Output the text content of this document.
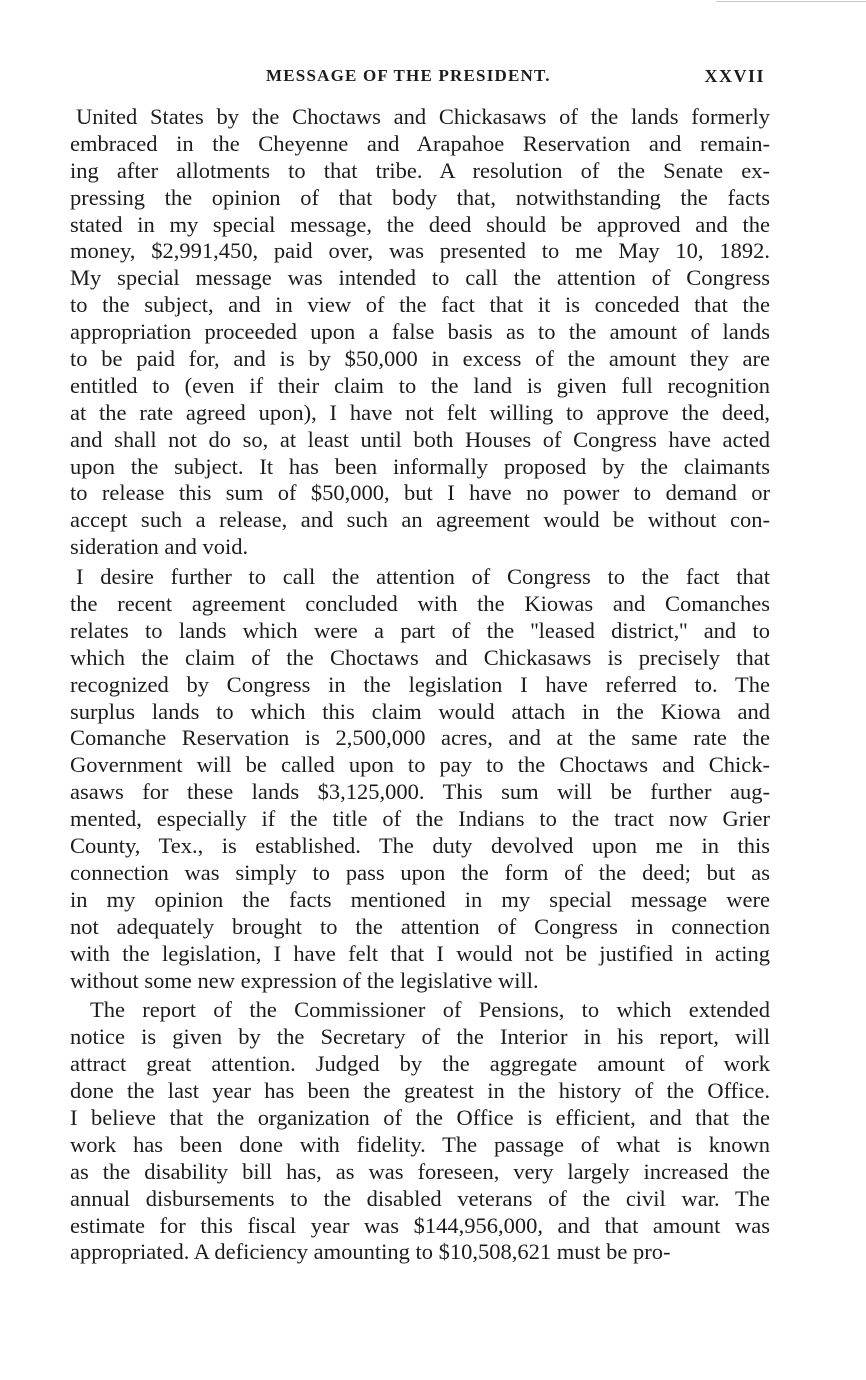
MESSAGE OF THE PRESIDENT.	XXVII
United States by the Choctaws and Chickasaws of the lands formerly
embraced in the Cheyenne and Arapahoe Reservation and remain-
ing after allotments to that tribe. A resolution of the Senate ex-
pressing the opinion of that body that, notwithstanding the facts
stated in my special message, the deed should be approved and the
money, $2,991,450, paid over, was presented to me May 10, 1892.
My special message was intended to call the attention of Congress
to the subject, and in view of the fact that it is conceded that the
appropriation proceeded upon a false basis as to the amount of lands
to be paid for, and is by $50,000 in excess of the amount they are
entitled to (even if their claim to the land is given full recognition
at the rate agreed upon), I have not felt willing to approve the deed,
and shall not do so, at least until both Houses of Congress have acted
upon the subject. It has been informally proposed by the claimants
to release this sum of $50,000, but I have no power to demand or
accept such a release, and such an agreement would be without con-
sideration and void.
I desire further to call the attention of Congress to the fact that
the recent agreement concluded with the Kiowas and Comanches
relates to lands which were a part of the ''leased district,'' and to
which the claim of the Choctaws and Chickasaws is precisely that
recognized by Congress in the legislation I have referred to. The
surplus lands to which this claim would attach in the Kiowa and
Comanche Reservation is 2,500,000 acres, and at the same rate the
Government will be called upon to pay to the Choctaws and Chick-
asaws for these lands $3,125,000. This sum will be further aug-
mented, especially if the title of the Indians to the tract now Grier
County, Tex., is established. The duty devolved upon me in this
connection was simply to pass upon the form of the deed; but as
in my opinion the facts mentioned in my special message were
not adequately brought to the attention of Congress in connection
with the legislation, I have felt that I would not be justified in acting
without some new expression of the legislative will.
The report of the Commissioner of Pensions, to which extended
notice is given by the Secretary of the Interior in his report, will
attract great attention. Judged by the aggregate amount of work
done the last year has been the greatest in the history of the Office.
I believe that the organization of the Office is efficient, and that the
work has been done with fidelity. The passage of what is known
as the disability bill has, as was foreseen, very largely increased the
annual disbursements to the disabled veterans of the civil war. The
estimate for this fiscal year was $144,956,000, and that amount was
appropriated. A deficiency amounting to $10,508,621 must be pro-
